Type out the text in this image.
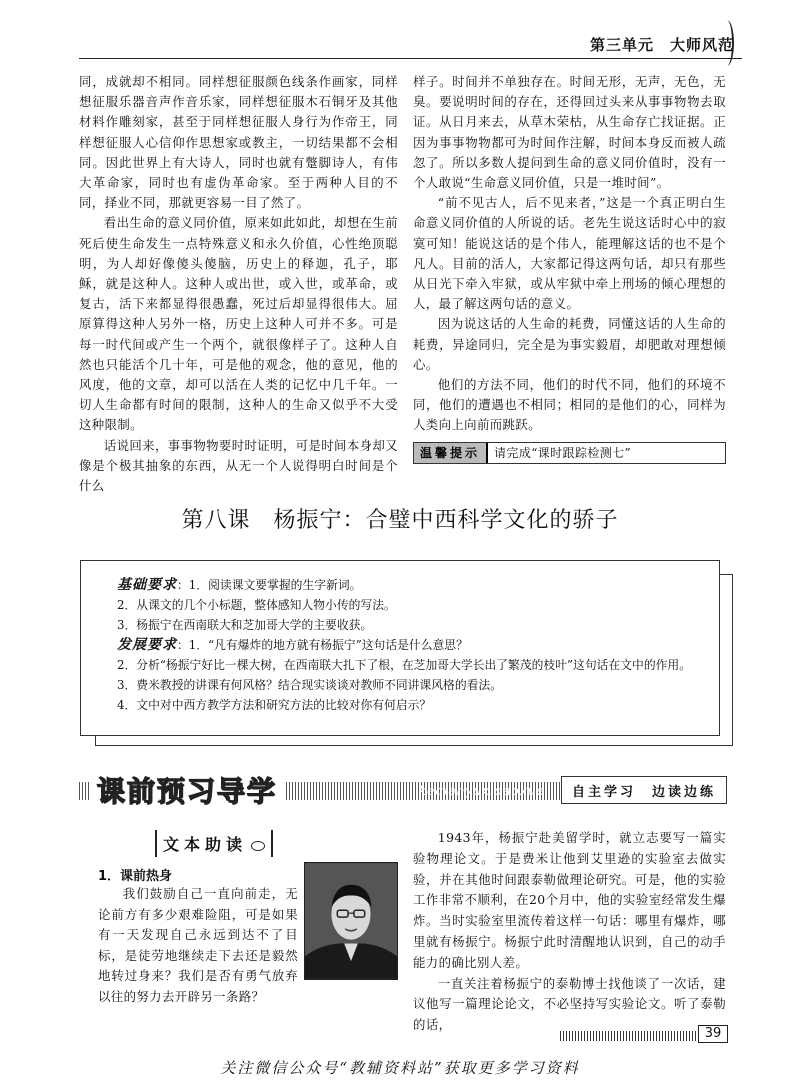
第三单元　大师风范

同，成就却不相同。同样想征服颜色线条作画家，同样想征服乐器音声作音乐家，同样想征服木石铜牙及其他材料作雕刻家，甚至于同样想征服人身行为作帝王，同样想征服人心信仰作思想家或教主，一切结果都不会相同。因此世界上有大诗人，同时也就有蹩脚诗人，有伟大革命家，同时也有虚伪革命家。至于两种人目的不同，择业不同，那就更容易一目了然了。

看出生命的意义同价值，原来如此如此，却想在生前死后使生命发生一点特殊意义和永久价值，心性绝顶聪明，为人却好像傻头傻脑，历史上的释迦，孔子，耶稣，就是这种人。这种人或出世，或入世，或革命，或复古，活下来都显得很愚蠢，死过后却显得很伟大。屈原算得这种人另外一格，历史上这种人可并不多。可是每一时代间或产生一个两个，就很像样子了。这种人自然也只能活个几十年，可是他的观念，他的意见，他的风度，他的文章，却可以活在人类的记忆中几千年。一切人生命都有时间的限制，这种人的生命又似乎不大受这种限制。

话说回来，事事物物要时时证明，可是时间本身却又像是个极其抽象的东西，从无一个人说得明白时间是个什么

样子。时间并不单独存在。时间无形，无声，无色，无臭。要说明时间的存在，还得回过头来从事事物物去取证。从日月来去，从草木荣枯，从生命存亡找证据。正因为事事物物都可为时间作注解，时间本身反而被人疏忽了。所以多数人提问到生命的意义同价值时，没有一个人敢说“生命意义同价值，只是一堆时间”。

“前不见古人，后不见来者，”这是一个真正明白生命意义同价值的人所说的话。老先生说这话时心中的寂寞可知！能说这话的是个伟人，能理解这话的也不是个凡人。目前的活人，大家都记得这两句话，却只有那些从日光下牵入牢狱，或从牢狱中牵上刑场的倾心理想的人，最了解这两句话的意义。

因为说这话的人生命的耗费，同懂这话的人生命的耗费，异途同归，完全是为事实毅眉，却肥敢对理想倾心。

他们的方法不同，他们的时代不同，他们的环境不同，他们的遭遇也不相同；相同的是他们的心，同样为人类向上向前而跳跃。

温馨提示	请完成“课时跟踪检测七”
第八课　杨振宁：合璧中西科学文化的骄子
基础要求：1．阅读课文要掌握的生字新词。
2．从课文的几个小标题，整体感知人物小传的写法。
3．杨振宁在西南联大和芝加哥大学的主要收获。
发展要求：1．“凡有爆炸的地方就有杨振宁”这句话是什么意思？
2．分析“杨振宁好比一棵大树，在西南联大扎下了根，在芝加哥大学长出了繁茂的枝叶”这句话在文中的作用。
3．费米教授的讲课有何风格？结合现实谈谈对教师不同讲课风格的看法。
4．文中对中西方教学方法和研究方法的比较对你有何启示？
课前预习导学	keqianyuxidaoxue	自主学习　边读边练
文本助读
1．课前热身

我们鼓励自己一直向前走，无论前方有多少艰难险阻，可是如果有一天发现自己永远到达不了目标，是徒劳地继续走下去还是毅然地转过身来？我们是否有勇气放弃以往的努力去开辟另一条路？

1943年，杨振宁赴美留学时，就立志要写一篇实验物理论文。于是费米让他到艾里逊的实验室去做实验，并在其他时间跟泰勒做理论研究。可是，他的实验工作非常不顺利，在20个月中，他的实验室经常发生爆炸。当时实验室里流传着这样一句话：哪里有爆炸，哪里就有杨振宁。杨振宁此时清醒地认识到，自己的动手能力的确比别人差。

一直关注着杨振宁的泰勒博士找他谈了一次话，建议他写一篇理论论文，不必坚持写实验论文。听了泰勒的话，

39
关注微信公众号“教辅资料站”获取更多学习资料
